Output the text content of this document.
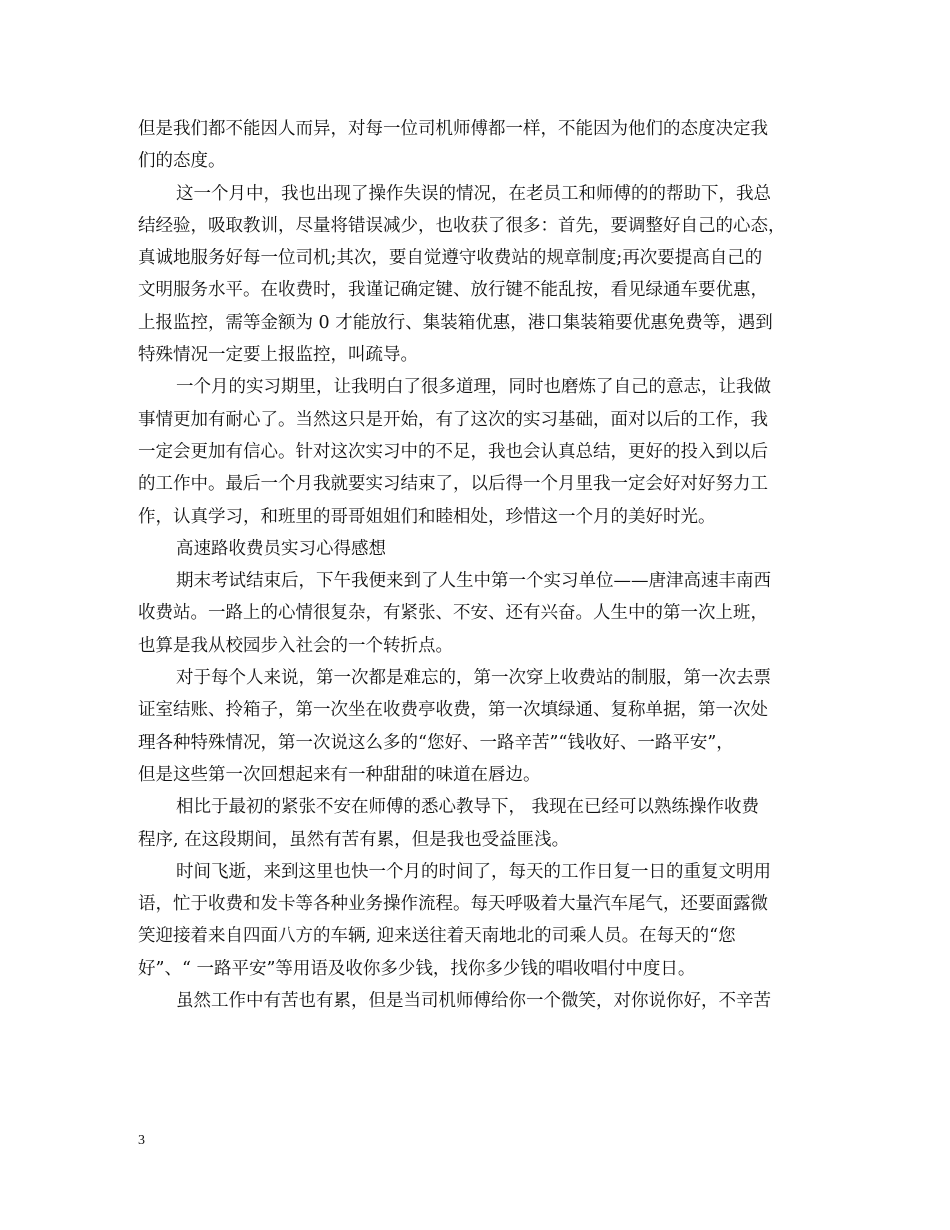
但是我们都不能因人而异，对每一位司机师傅都一样，不能因为他们的态度决定我
们的态度。
这一个月中，我也出现了操作失误的情况，在老员工和师傅的的帮助下，我总
结经验，吸取教训，尽量将错误减少，也收获了很多：首先，要调整好自己的心态，
真诚地服务好每一位司机;其次，要自觉遵守收费站的规章制度;再次要提高自己的
文明服务水平。在收费时，我谨记确定键、放行键不能乱按，看见绿通车要优惠，
上报监控，需等金额为 0 才能放行、集装箱优惠，港口集装箱要优惠免费等，遇到
特殊情况一定要上报监控，叫疏导。
一个月的实习期里，让我明白了很多道理，同时也磨炼了自己的意志，让我做
事情更加有耐心了。当然这只是开始，有了这次的实习基础，面对以后的工作，我
一定会更加有信心。针对这次实习中的不足，我也会认真总结，更好的投入到以后
的工作中。最后一个月我就要实习结束了，以后得一个月里我一定会好对好努力工
作，认真学习，和班里的哥哥姐姐们和睦相处，珍惜这一个月的美好时光。
高速路收费员实习心得感想
期末考试结束后，下午我便来到了人生中第一个实习单位——唐津高速丰南西
收费站。一路上的心情很复杂，有紧张、不安、还有兴奋。人生中的第一次上班，
也算是我从校园步入社会的一个转折点。
对于每个人来说，第一次都是难忘的，第一次穿上收费站的制服，第一次去票
证室结账、拎箱子，第一次坐在收费亭收费，第一次填绿通、复称单据，第一次处
理各种特殊情况，第一次说这么多的“您好、一路辛苦”“钱收好、一路平安”，
但是这些第一次回想起来有一种甜甜的味道在唇边。
相比于最初的紧张不安在师傅的悉心教导下， 我现在已经可以熟练操作收费
程序, 在这段期间，虽然有苦有累，但是我也受益匪浅。
时间飞逝，来到这里也快一个月的时间了，每天的工作日复一日的重复文明用
语，忙于收费和发卡等各种业务操作流程。每天呼吸着大量汽车尾气，还要面露微
笑迎接着来自四面八方的车辆, 迎来送往着天南地北的司乘人员。在每天的“您
好”、“ 一路平安”等用语及收你多少钱，找你多少钱的唱收唱付中度日。
虽然工作中有苦也有累，但是当司机师傅给你一个微笑，对你说你好，不辛苦
3
